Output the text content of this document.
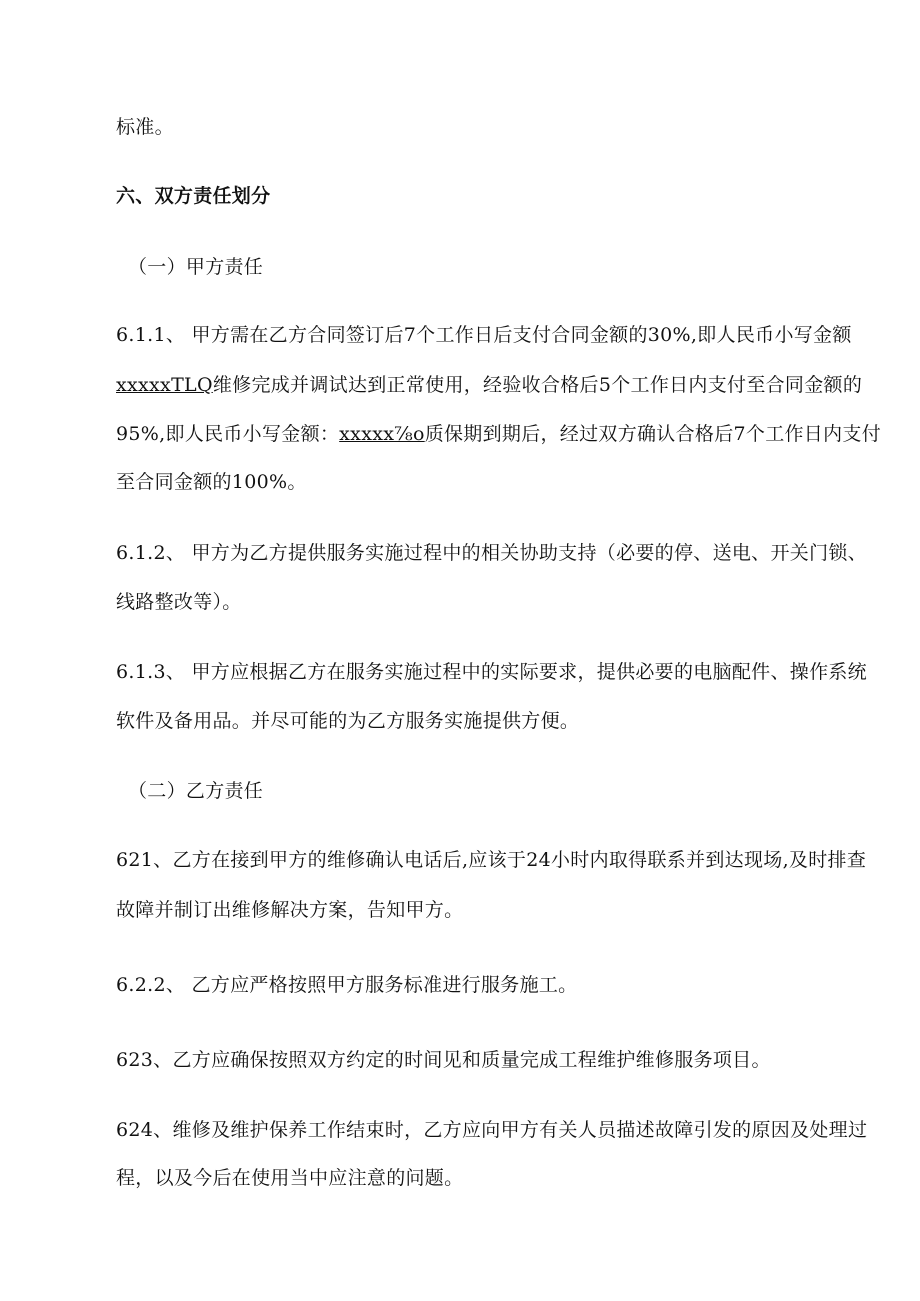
标准。
六、双方责任划分
（一）甲方责任
6.1.1、 甲方需在乙方合同签订后7个工作日后支付合同金额的30%,即人民币小写金额
xxxxxTLQ维修完成并调试达到正常使用，经验收合格后5个工作日内支付至合同金额的
95%,即人民币小写金额：xxxxx⅞o质保期到期后，经过双方确认合格后7个工作日内支付
至合同金额的100%。
6.1.2、 甲方为乙方提供服务实施过程中的相关协助支持（必要的停、送电、开关门锁、
线路整改等）。
6.1.3、 甲方应根据乙方在服务实施过程中的实际要求，提供必要的电脑配件、操作系统
软件及备用品。并尽可能的为乙方服务实施提供方便。
（二）乙方责任
621、乙方在接到甲方的维修确认电话后,应该于24小时内取得联系并到达现场,及时排查
故障并制订出维修解决方案，告知甲方。
6.2.2、 乙方应严格按照甲方服务标准进行服务施工。
623、乙方应确保按照双方约定的时间见和质量完成工程维护维修服务项目。
624、维修及维护保养工作结束时，乙方应向甲方有关人员描述故障引发的原因及处理过
程，以及今后在使用当中应注意的问题。
